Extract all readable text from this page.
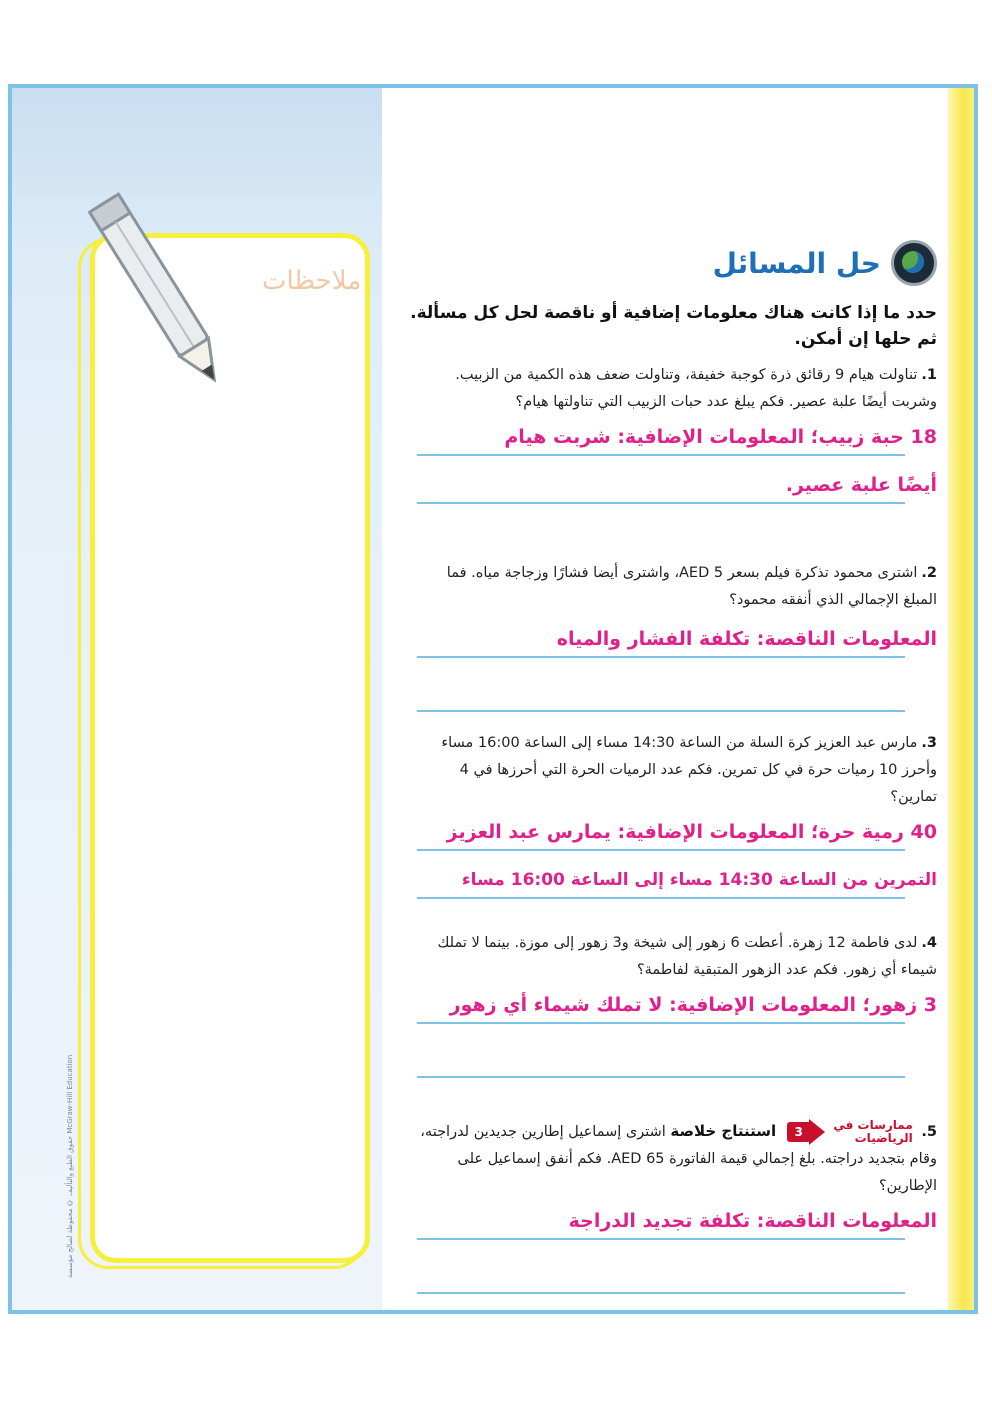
ملاحظات
حقوق الطبع والتأليف © محفوظة لصالح مؤسسة McGraw-Hill Education
حل المسائل
حدد ما إذا كانت هناك معلومات إضافية أو ناقصة لحل كل مسألة. ثم حلها إن أمكن.
1.تناولت هيام 9 رقائق ذرة كوجبة خفيفة، وتناولت ضعف هذه الكمية من الزبيب. وشربت أيضًا علبة عصير. فكم يبلغ عدد حبات الزبيب التي تناولتها هيام؟
18 حبة زبيب؛ المعلومات الإضافية: شربت هيام
أيضًا علبة عصير.
2.اشترى محمود تذكرة فيلم بسعر 5 AED، واشترى أيضا فشارًا وزجاجة مياه. فما المبلغ الإجمالي الذي أنفقه محمود؟
المعلومات الناقصة: تكلفة الفشار والمياه
3.مارس عبد العزيز كرة السلة من الساعة 14:30 مساء إلى الساعة 16:00 مساء وأحرز 10 رميات حرة في كل تمرين. فكم عدد الرميات الحرة التي أحرزها في 4 تمارين؟
40 رمية حرة؛ المعلومات الإضافية: يمارس عبد العزيز
التمرين من الساعة 14:30 مساء إلى الساعة 16:00 مساء
4.لدى فاطمة 12 زهرة. أعطت 6 زهور إلى شيخة و3 زهور إلى موزة. بينما لا تملك شيماء أي زهور. فكم عدد الزهور المتبقية لفاطمة؟
3 زهور؛ المعلومات الإضافية: لا تملك شيماء أي زهور
5. ممارسات في
الرياضيات
3
استنتاج خلاصة اشترى إسماعيل إطارين جديدين لدراجته، وقام بتجديد دراجته. بلغ إجمالي قيمة الفاتورة 65 AED. فكم أنفق إسماعيل على الإطارين؟
المعلومات الناقصة: تكلفة تجديد الدراجة
